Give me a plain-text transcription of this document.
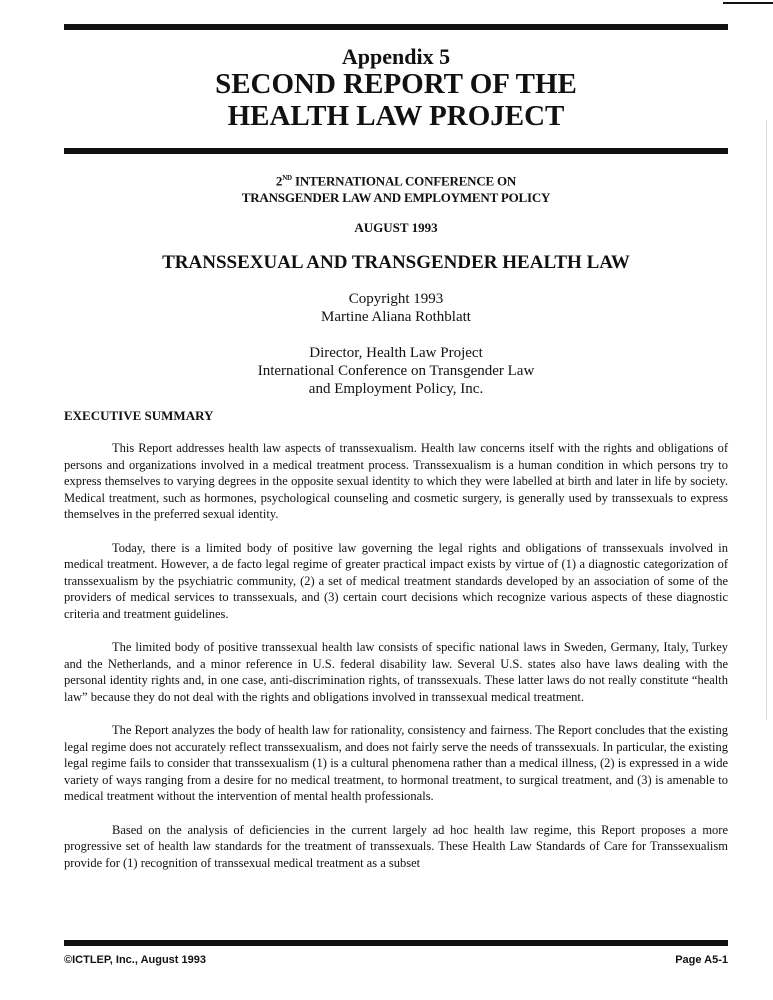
Appendix 5
SECOND REPORT OF THE
HEALTH LAW PROJECT
2ND INTERNATIONAL CONFERENCE ON
TRANSGENDER LAW AND EMPLOYMENT POLICY
AUGUST 1993
TRANSSEXUAL AND TRANSGENDER HEALTH LAW
Copyright 1993
Martine Aliana Rothblatt
Director, Health Law Project
International Conference on Transgender Law
and Employment Policy, Inc.
EXECUTIVE SUMMARY

This Report addresses health law aspects of transsexualism. Health law concerns itself with the rights and obligations of persons and organizations involved in a medical treatment process. Transsexualism is a human condition in which persons try to express themselves to varying degrees in the opposite sexual identity to which they were labelled at birth and later in life by society. Medical treatment, such as hormones, psychological counseling and cosmetic surgery, is generally used by transsexuals to express themselves in the preferred sexual identity.

Today, there is a limited body of positive law governing the legal rights and obligations of transsexuals involved in medical treatment. However, a de facto legal regime of greater practical impact exists by virtue of (1) a diagnostic categorization of transsexualism by the psychiatric community, (2) a set of medical treatment standards developed by an association of some of the providers of medical services to transsexuals, and (3) certain court decisions which recognize various aspects of these diagnostic criteria and treatment guidelines.

The limited body of positive transsexual health law consists of specific national laws in Sweden, Germany, Italy, Turkey and the Netherlands, and a minor reference in U.S. federal disability law. Several U.S. states also have laws dealing with the personal identity rights and, in one case, anti-discrimination rights, of transsexuals. These latter laws do not really constitute “health law” because they do not deal with the rights and obligations involved in transsexual medical treatment.

The Report analyzes the body of health law for rationality, consistency and fairness. The Report concludes that the existing legal regime does not accurately reflect transsexualism, and does not fairly serve the needs of transsexuals. In particular, the existing legal regime fails to consider that transsexualism (1) is a cultural phenomena rather than a medical illness, (2) is expressed in a wide variety of ways ranging from a desire for no medical treatment, to hormonal treatment, to surgical treatment, and (3) is amenable to medical treatment without the intervention of mental health professionals.

Based on the analysis of deficiencies in the current largely ad hoc health law regime, this Report proposes a more progressive set of health law standards for the treatment of transsexuals. These Health Law Standards of Care for Transsexualism provide for (1) recognition of transsexual medical treatment as a subset

©ICTLEP, Inc., August 1993	Page A5-1
